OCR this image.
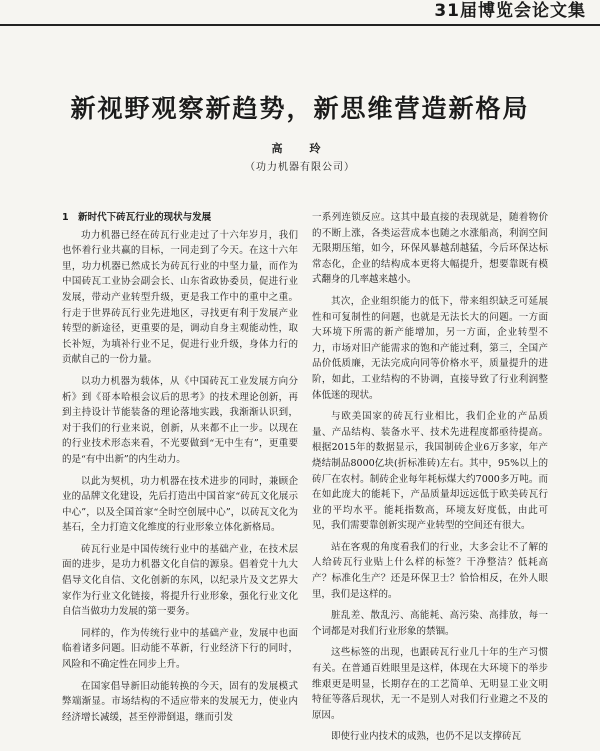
31届博览会论文集
新视野观察新趋势，新思维营造新格局
高　玲
（功力机器有限公司）
1　新时代下砖瓦行业的现状与发展

功力机器已经在砖瓦行业走过了十六年岁月，我们也怀着行业共赢的目标，一同走到了今天。在这十六年里，功力机器已然成长为砖瓦行业的中坚力量，而作为中国砖瓦工业协会副会长、山东省政协委员，促进行业发展，带动产业转型升级，更是我工作中的重中之重。行走于世界砖瓦行业先进地区，寻找更有利于发展产业转型的新途径，更重要的是，调动自身主观能动性，取长补短，为填补行业不足，促进行业升级，身体力行的贡献自己的一份力量。

以功力机器为载体，从《中国砖瓦工业发展方向分析》到《哥本哈根会议后的思考》的技术理论创新，再到主持设计节能装备的理论落地实践，我渐渐认识到，对于我们的行业来说，创新，从来都不止一步。以现在的行业技术形态来看，不光要做到“无中生有”，更重要的是“有中出新”的内生动力。

以此为契机，功力机器在技术进步的同时，兼顾企业的品牌文化建设，先后打造出中国首家“砖瓦文化展示中心”，以及全国首家“全时空创展中心”，以砖瓦文化为基石，全力打造文化维度的行业形象立体化新格局。

砖瓦行业是中国传统行业中的基础产业，在技术层面的进步，是功力机器文化自信的源泉。倡着党十九大倡导文化自信、文化创新的东风，以纪录片及文艺界大家作为行业文化链接，将提升行业形象，强化行业文化自信当做功力发展的第一要务。

同样的，作为传统行业中的基础产业，发展中也面临着诸多问题。旧动能不革新，行业经济下行的同时，风险和不确定性在同步上升。

在国家倡导新旧动能转换的今天，固有的发展模式弊端渐显。市场结构的不适应带来的发展无力，使业内经济增长减缓，甚至停滞倒退，继而引发

一系列连锁反应。这其中最直接的表现就是，随着物价的不断上涨，各类运营成本也随之水涨船高，利润空间无限期压缩，如今，环保风暴越刮越猛，今后环保达标常态化，企业的结构成本更将大幅提升，想要靠既有模式翻身的几率越来越小。

其次，企业组织能力的低下，带来组织缺乏可延展性和可复制性的问题，也就是无法长大的问题。一方面大环境下所需的新产能增加，另一方面，企业转型不力，市场对旧产能需求的饱和产能过剩，第三，全国产品价低质廉，无法完成向同等价格水平，质量提升的进阶，如此，工业结构的不协调，直接导致了行业利润整体低迷的现状。

与欧美国家的砖瓦行业相比，我们企业的产品质量、产品结构、装备水平、技术先进程度都亟待提高。根据2015年的数据显示，我国制砖企业6万多家，年产烧结制品8000亿块(折标准砖)左右。其中，95%以上的砖厂在农村。制砖企业每年耗标煤大约7000多万吨。而在如此庞大的能耗下，产品质量却远远低于欧美砖瓦行业的平均水平。能耗指数高，环境友好度低，由此可见，我们需要靠创新实现产业转型的空间还有很大。

站在客观的角度看我们的行业，大多会让不了解的人给砖瓦行业贴上什么样的标签？干净整洁？低耗高产？标准化生产？还是环保卫士？恰恰相反，在外人眼里，我们是这样的。

脏乱差、散乱污、高能耗、高污染、高排放，每一个词都是对我们行业形象的禁锢。

这些标签的出现，也跟砖瓦行业几十年的生产习惯有关。在普通百姓眼里是这样，体现在大环境下的举步维艰更是明显，长期存在的工艺简单、无明显工业文明特征等落后现状，无一不是别人对我们行业避之不及的原因。

即使行业内技术的成熟，也仍不足以支撑砖瓦
